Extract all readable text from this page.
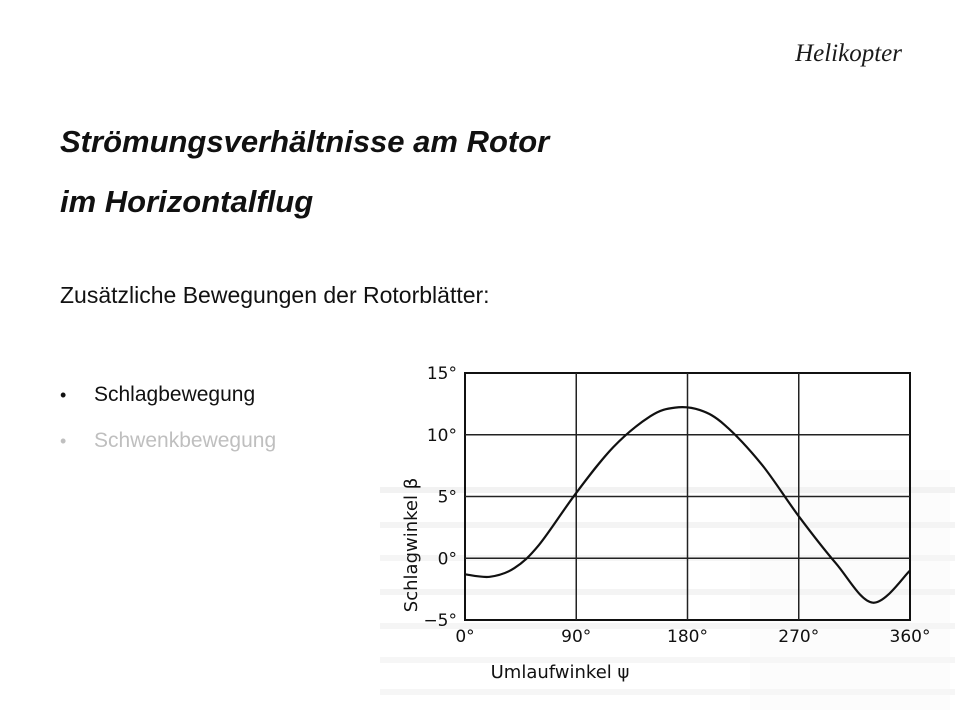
Helikopter
Strömungsverhältnisse am Rotor
im Horizontalflug
Zusätzliche Bewegungen der Rotorblätter:
• Schlagbewegung
• Schwenkbewegung
15°
10°
5°
0°
−5°
0°	90°	180°	270°	360°
Schlagwinkel β
Umlaufwinkel ψ
